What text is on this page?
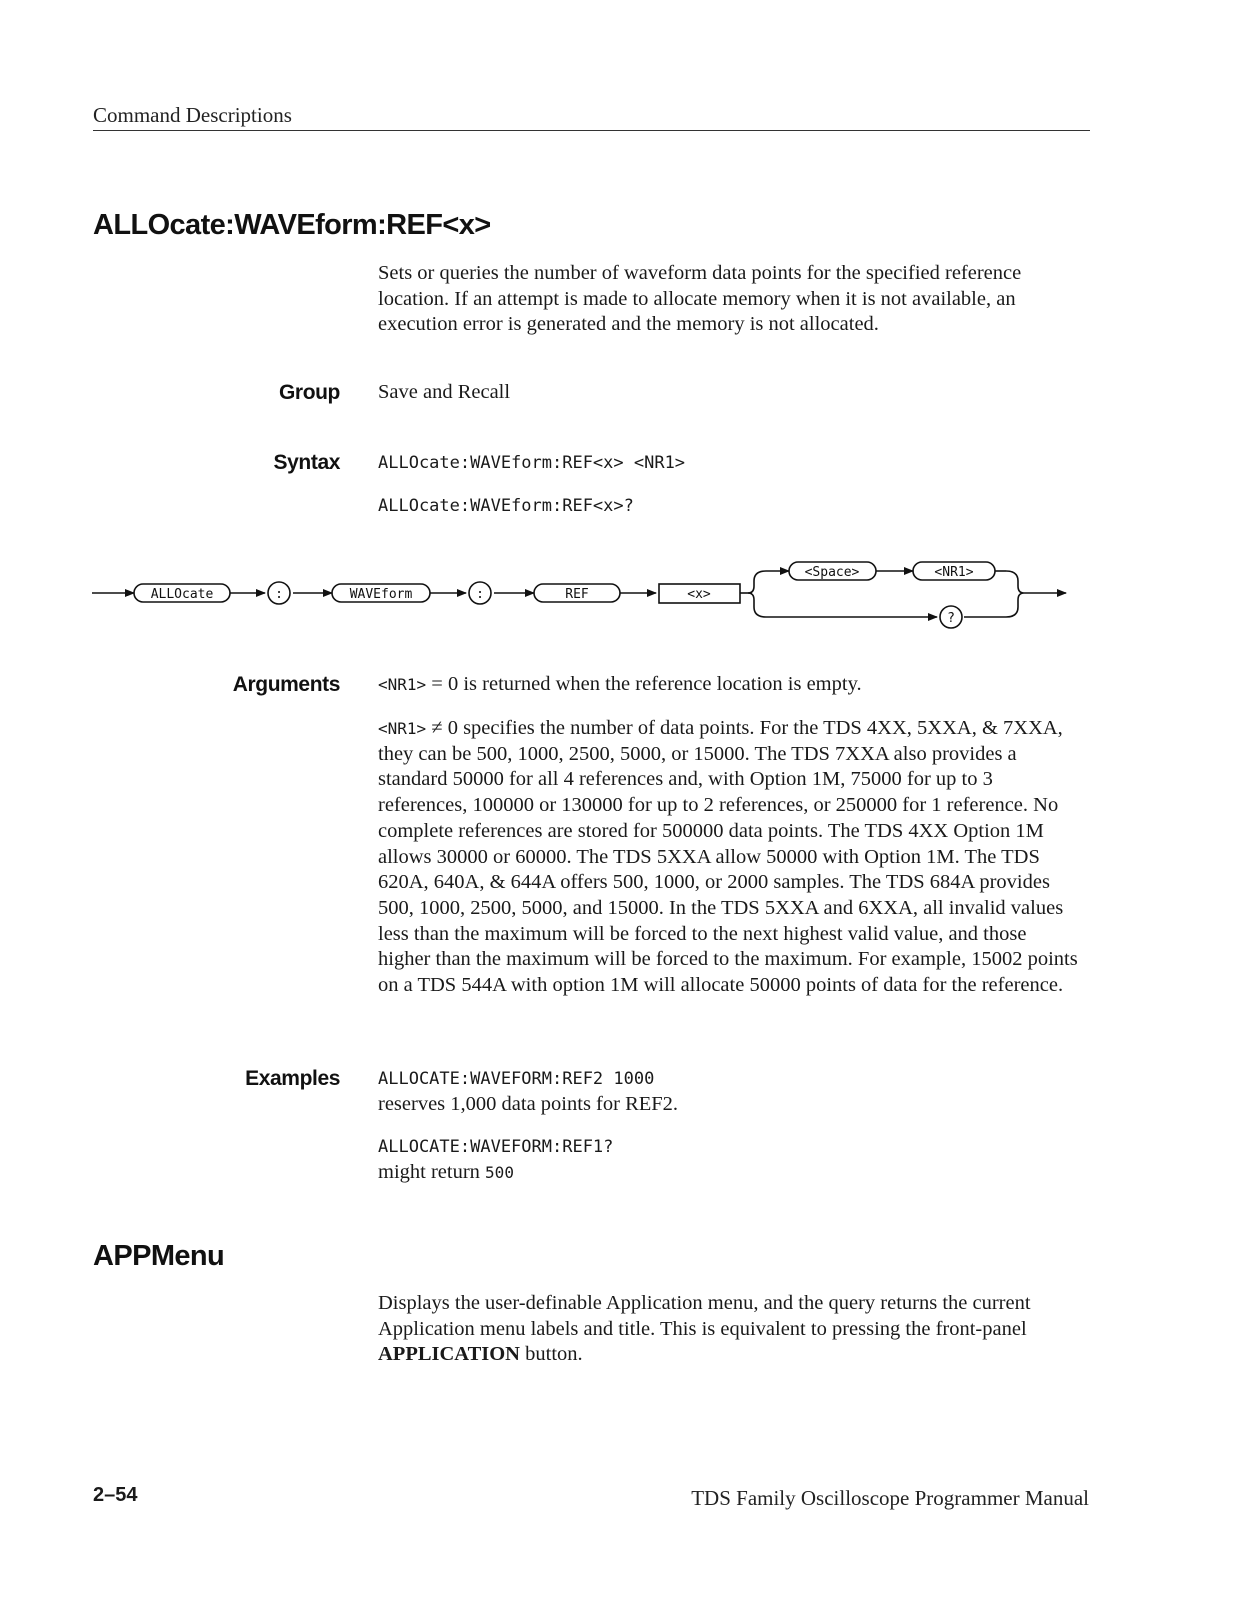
Command Descriptions
ALLOcate:WAVEform:REF<x>
Sets or queries the number of waveform data points for the specified reference location. If an attempt is made to allocate memory when it is not available, an execution error is generated and the memory is not allocated.
Group Save and Recall
Syntax ALLOcate:WAVEform:REF<x> <NR1>
ALLOcate:WAVEform:REF<x>?
ALLOcate	:	WAVEform	:	REF	<x>
<Space>	<NR1>
?
Arguments <NR1> = 0 is returned when the reference location is empty.
<NR1> ≠ 0 specifies the number of data points. For the TDS 4XX, 5XXA, & 7XXA, they can be 500, 1000, 2500, 5000, or 15000. The TDS 7XXA also provides a standard 50000 for all 4 references and, with Option 1M, 75000 for up to 3 references, 100000 or 130000 for up to 2 references, or 250000 for 1 reference. No complete references are stored for 500000 data points. The TDS 4XX Option 1M allows 30000 or 60000. The TDS 5XXA allow 50000 with Option 1M. The TDS 620A, 640A, & 644A offers 500, 1000, or 2000 samples. The TDS 684A provides 500, 1000, 2500, 5000, and 15000. In the TDS 5XXA and 6XXA, all invalid values less than the maximum will be forced to the next highest valid value, and those higher than the maximum will be forced to the maximum. For example, 15002 points on a TDS 544A with option 1M will allocate 50000 points of data for the reference.
Examples ALLOCATE:WAVEFORM:REF2 1000
reserves 1,000 data points for REF2.
ALLOCATE:WAVEFORM:REF1?
might return 500
APPMenu
Displays the user-definable Application menu, and the query returns the current Application menu labels and title. This is equivalent to pressing the front-panel APPLICATION button.
2–54	TDS Family Oscilloscope Programmer Manual
